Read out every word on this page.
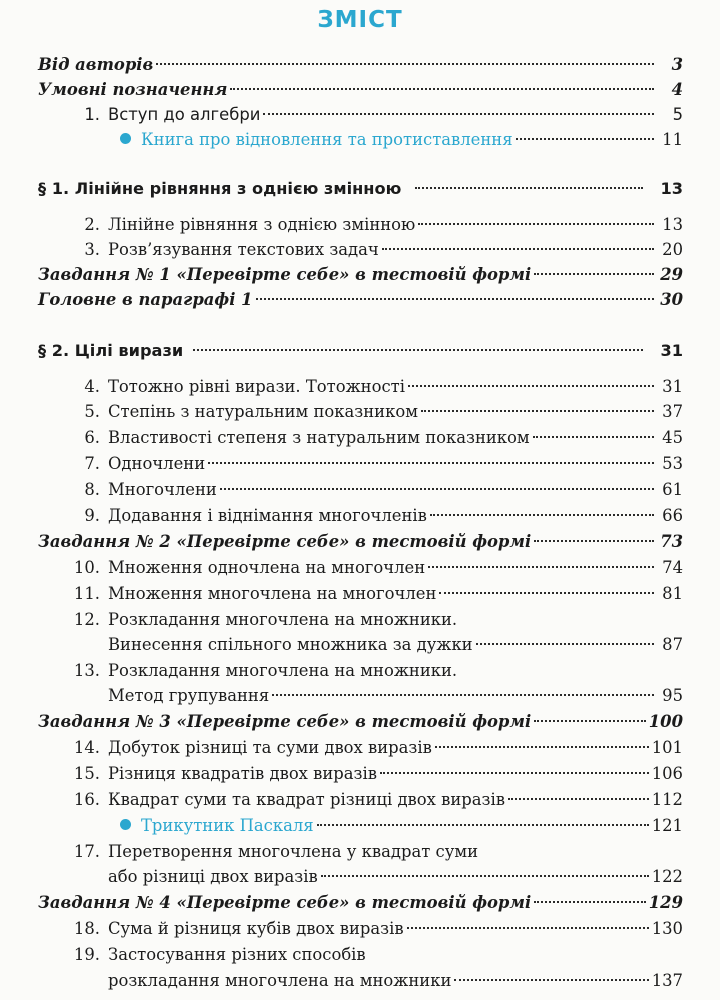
ЗМІСТ
Від авторів	3
Умовні позначення	4
1. Вступ до алгебри	5
Книга про відновлення та протиставлення	11
§ 1. Лінійне рівняння з однією змінною	13
2. Лінійне рівняння з однією змінною	13
3. Розв’язування текстових задач	20
Завдання № 1 «Перевірте себе» в тестовій формі	29
Головне в параграфі 1	30
§ 2. Цілі вирази	31
4. Тотожно рівні вирази. Тотожності	31
5. Степінь з натуральним показником	37
6. Властивості степеня з натуральним показником	45
7. Одночлени	53
8. Многочлени	61
9. Додавання і віднімання многочленів	66
Завдання № 2 «Перевірте себе» в тестовій формі	73
10. Множення одночлена на многочлен	74
11. Множення многочлена на многочлен	81
12. Розкладання многочлена на множники.
Винесення спільного множника за дужки	87
13. Розкладання многочлена на множники.
Метод групування	95
Завдання № 3 «Перевірте себе» в тестовій формі	100
14. Добуток різниці та суми двох виразів	101
15. Різниця квадратів двох виразів	106
16. Квадрат суми та квадрат різниці двох виразів	112
Трикутник Паскаля	121
17. Перетворення многочлена у квадрат суми
або різниці двох виразів	122
Завдання № 4 «Перевірте себе» в тестовій формі	129
18. Сума й різниця кубів двох виразів	130
19. Застосування різних способів
розкладання многочлена на множники	137
